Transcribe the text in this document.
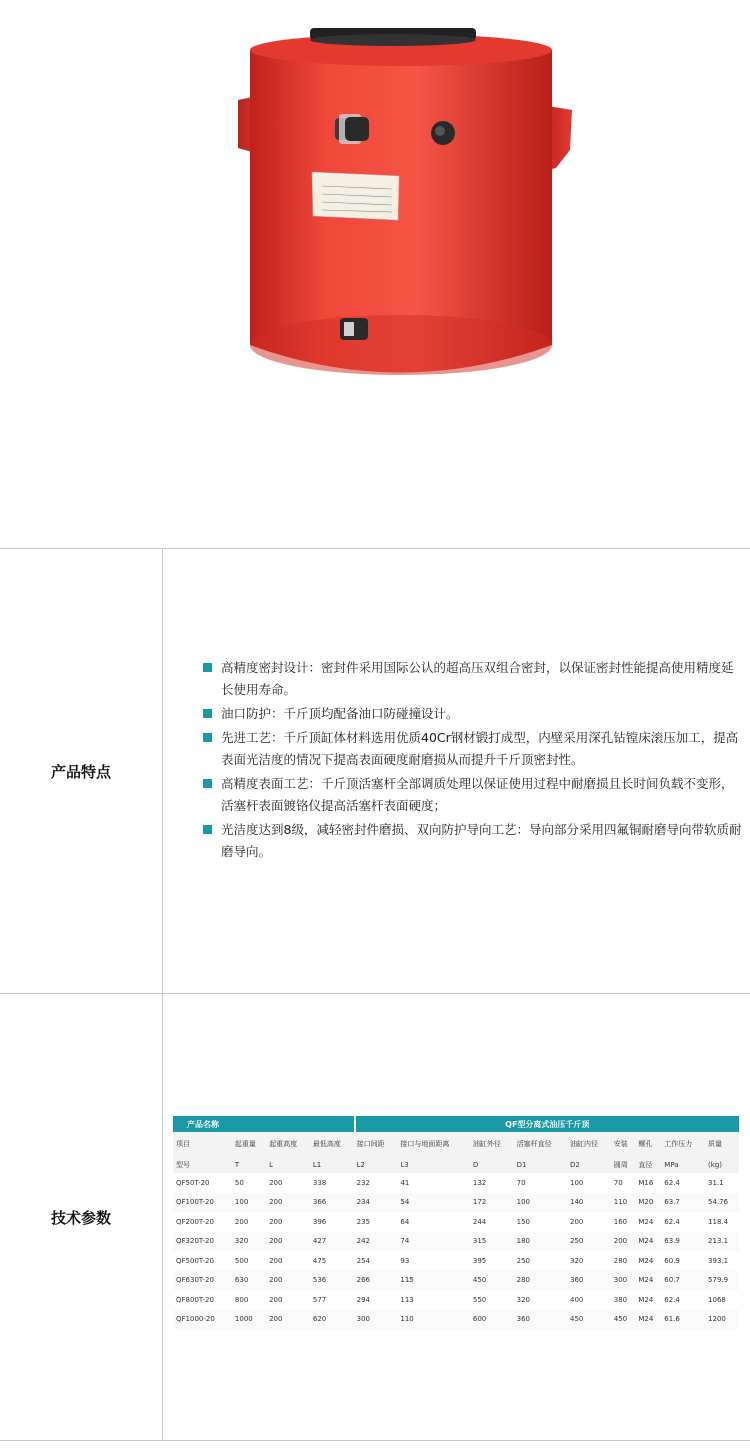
产品特点
高精度密封设计：密封件采用国际公认的超高压双组合密封，以保证密封性能提高使用精度延长使用寿命。
油口防护：千斤顶均配备油口防碰撞设计。
先进工艺：千斤顶缸体材料选用优质40Cr钢材锻打成型，内壁采用深孔钻镗床滚压加工，提高表面光洁度的情况下提高表面硬度耐磨损从而提升千斤顶密封性。
高精度表面工艺：千斤顶活塞杆全部调质处理以保证使用过程中耐磨损且长时间负载不变形，活塞杆表面镀铬仪提高活塞杆表面硬度；
光洁度达到8级，减轻密封件磨损、双向防护导向工艺：导向部分采用四氟铜耐磨导向带软质耐磨导向。
技术参数
产品名称				QF型分离式油压千斤顶								
项目	起重量	起重高度	最低高度	接口间距	接口与地面距离	油缸外径	活塞杆直径	油缸内径	安装	螺孔	工作压力	质量
型号	T	L	L1	L2	L3	D	D1	D2	圆周	直径	MPa	(kg)
QF50T-20	50	200	338	232	41	132	70	100	70	M16	62.4	31.1
QF100T-20	100	200	366	234	54	172	100	140	110	M20	63.7	54.76
QF200T-20	200	200	396	235	64	244	150	200	160	M24	62.4	118.4
QF320T-20	320	200	427	242	74	315	180	250	200	M24	63.9	213.1
QF500T-20	500	200	475	254	93	395	250	320	280	M24	60.9	393.1
QF630T-20	630	200	536	266	115	450	280	360	300	M24	60.7	579.9
QF800T-20	800	200	577	294	113	550	320	400	380	M24	62.4	1068
QF1000-20	1000	200	620	300	110	600	360	450	450	M24	61.6	1200
